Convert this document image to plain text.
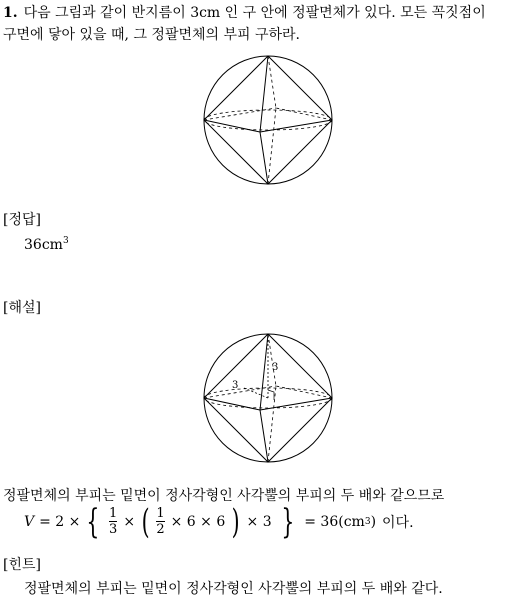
1. 다음 그림과 같이 반지름이 3cm 인 구 안에 정팔면체가 있다. 모든 꼭짓점이
구면에 닿아 있을 때, 그 정팔면체의 부피 구하라.
[정답]
$36cm^3$
[해설]
3
3
정팔면체의 부피는 밑면이 정사각형인 사각뿔의 부피의 두 배와 같으므로
V = 2 × { $\frac{1}{3}$ × ( $\frac{1}{2} \times 6 \times 6$ ) × 3 } = 36(cm 3 ) 이다.
[힌트]
정팔면체의 부피는 밑면이 정사각형인 사각뿔의 부피의 두 배와 같다.
